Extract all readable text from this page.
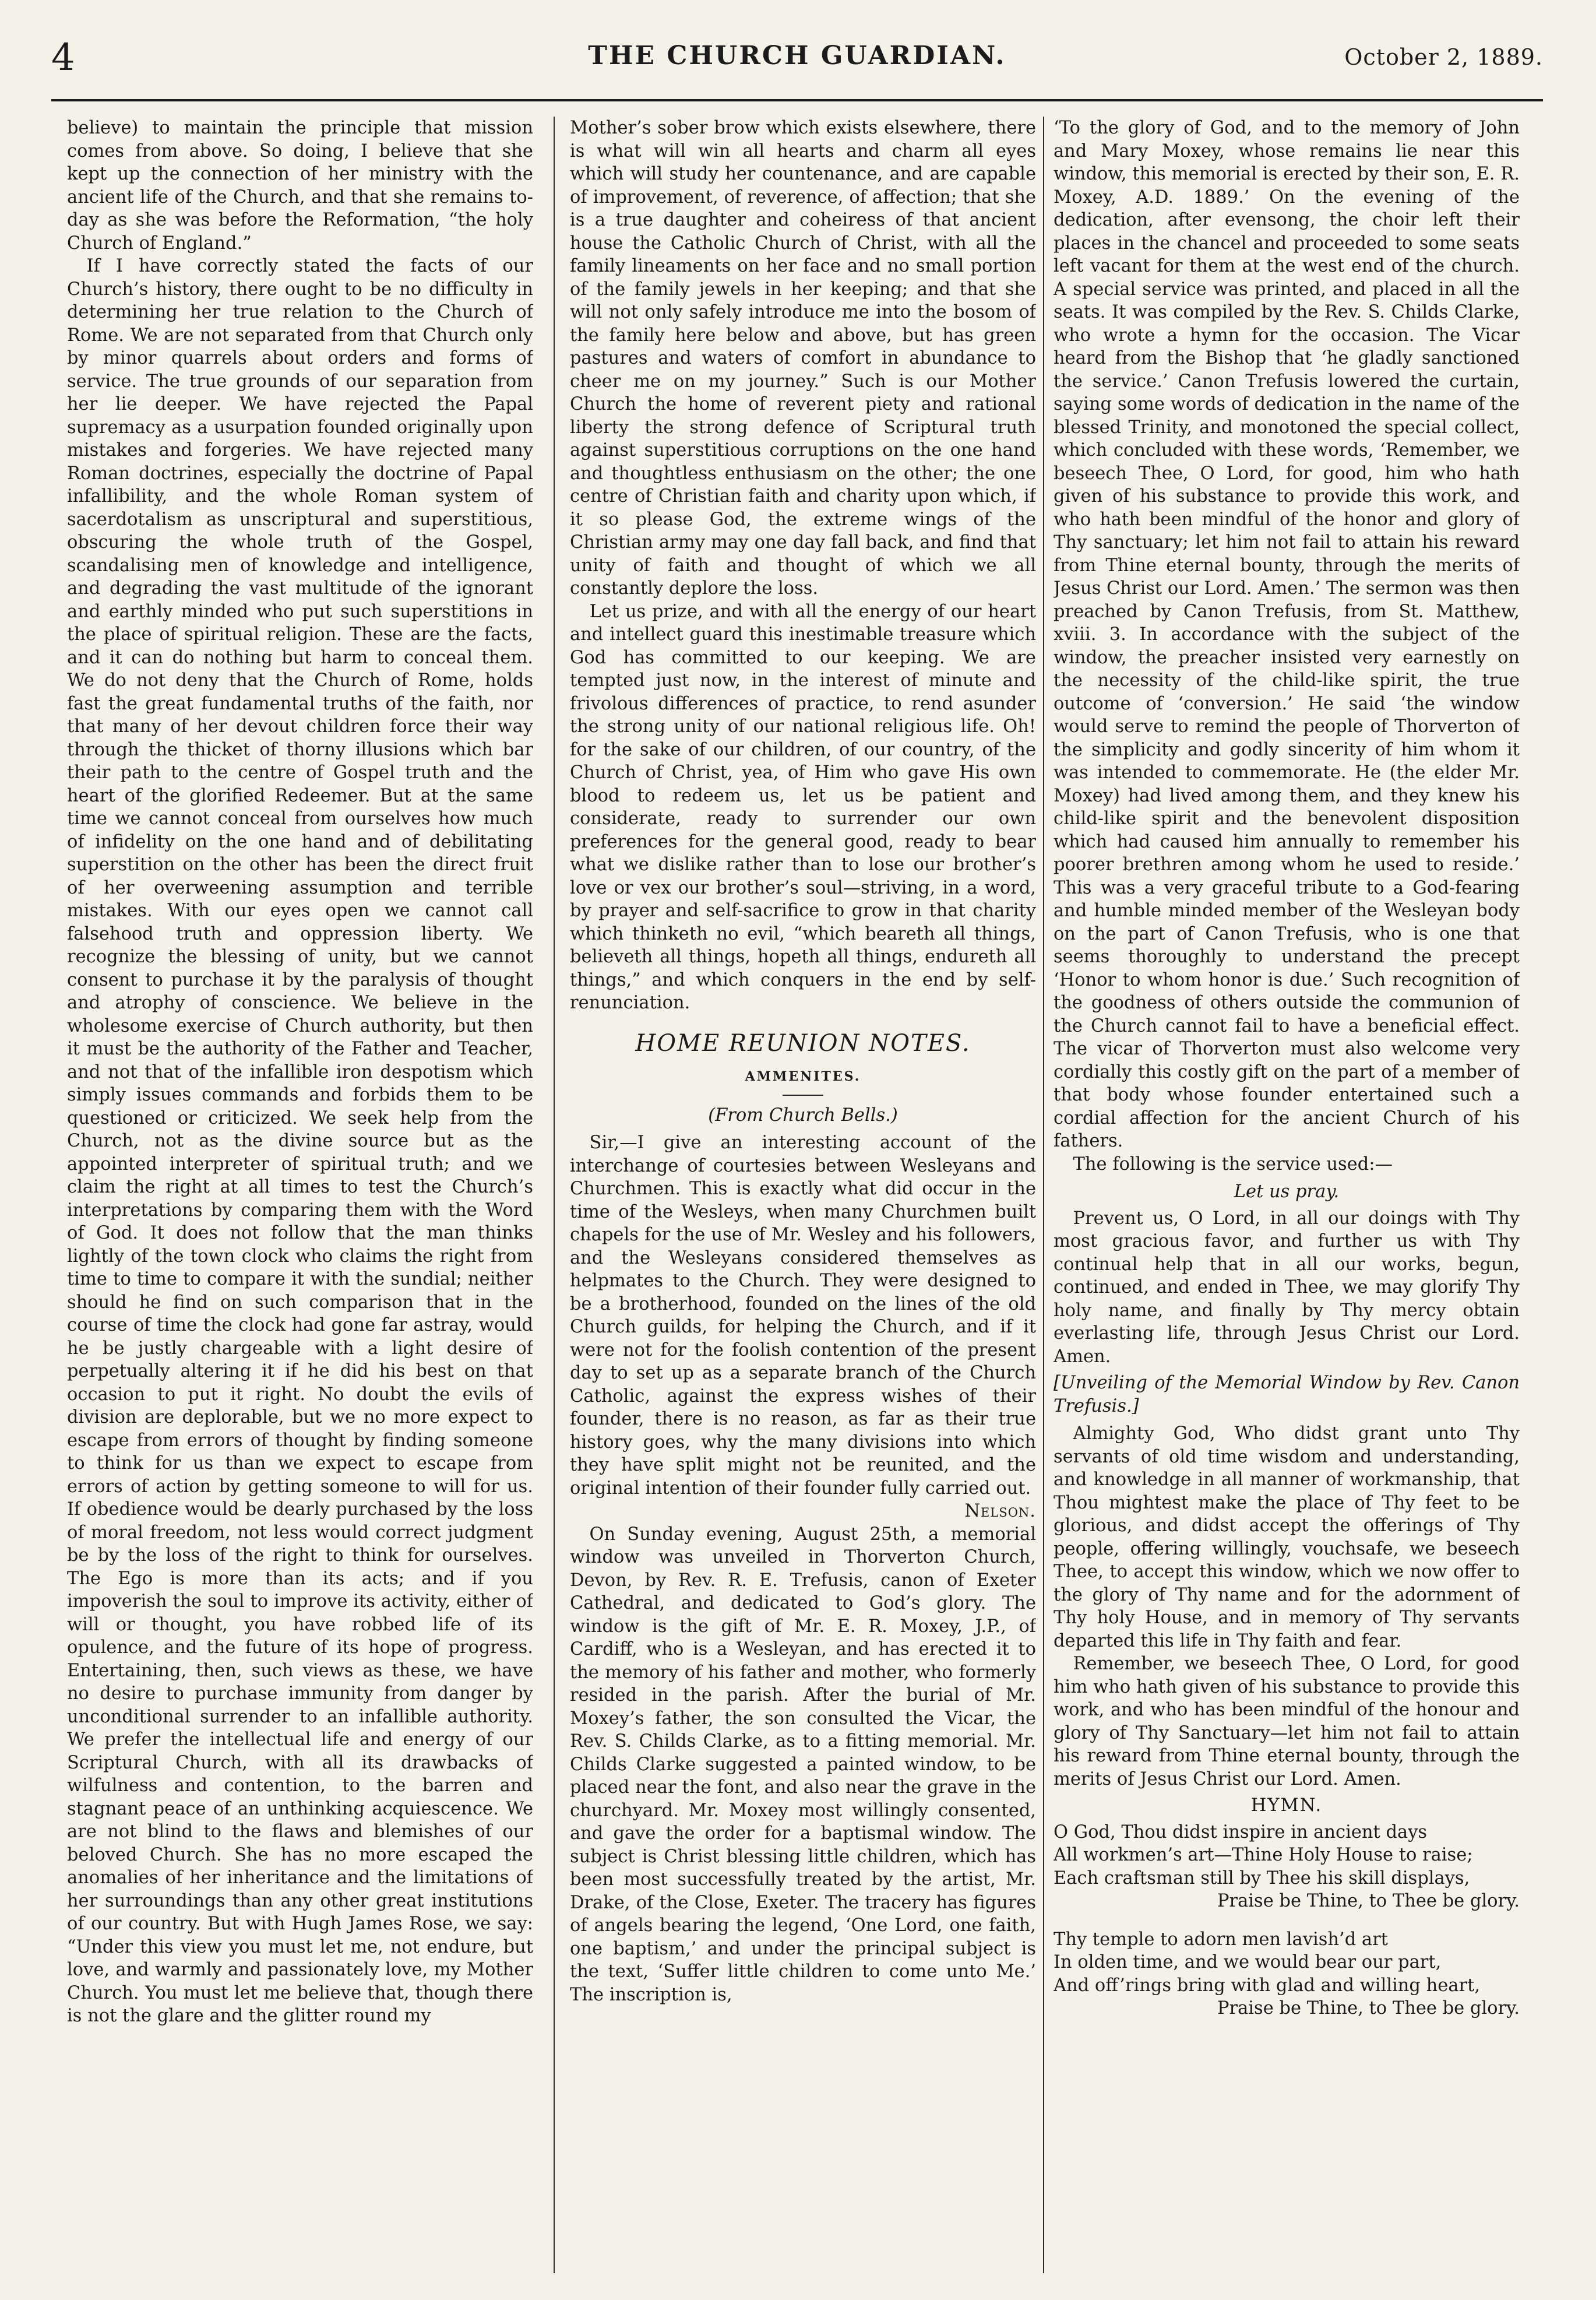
4	THE CHURCH GUARDIAN.	October 2, 1889.

believe) to maintain the principle that mission comes from above. So doing, I believe that she kept up the connection of her ministry with the ancient life of the Church, and that she remains to-day as she was before the Reformation, “the holy Church of England.”

If I have correctly stated the facts of our Church’s history, there ought to be no difficulty in determining her true relation to the Church of Rome. We are not separated from that Church only by minor quarrels about orders and forms of service. The true grounds of our separation from her lie deeper. We have rejected the Papal supremacy as a usurpation founded originally upon mistakes and forgeries. We have rejected many Roman doctrines, especially the doctrine of Papal infallibility, and the whole Roman system of sacerdotalism as unscriptural and superstitious, obscuring the whole truth of the Gospel, scandalising men of knowledge and intelligence, and degrading the vast multitude of the ignorant and earthly minded who put such superstitions in the place of spiritual religion. These are the facts, and it can do nothing but harm to conceal them. We do not deny that the Church of Rome, holds fast the great fundamental truths of the faith, nor that many of her devout children force their way through the thicket of thorny illusions which bar their path to the centre of Gospel truth and the heart of the glorified Redeemer. But at the same time we cannot conceal from ourselves how much of infidelity on the one hand and of debilitating superstition on the other has been the direct fruit of her overweening assumption and terrible mistakes. With our eyes open we cannot call falsehood truth and oppression liberty. We recognize the blessing of unity, but we cannot consent to purchase it by the paralysis of thought and atrophy of conscience. We believe in the wholesome exercise of Church authority, but then it must be the authority of the Father and Teacher, and not that of the infallible iron despotism which simply issues commands and forbids them to be questioned or criticized. We seek help from the Church, not as the divine source but as the appointed interpreter of spiritual truth; and we claim the right at all times to test the Church’s interpretations by comparing them with the Word of God. It does not follow that the man thinks lightly of the town clock who claims the right from time to time to compare it with the sundial; neither should he find on such comparison that in the course of time the clock had gone far astray, would he be justly chargeable with a light desire of perpetually altering it if he did his best on that occasion to put it right. No doubt the evils of division are deplorable, but we no more expect to escape from errors of thought by finding someone to think for us than we expect to escape from errors of action by getting someone to will for us. If obedience would be dearly purchased by the loss of moral freedom, not less would correct judgment be by the loss of the right to think for ourselves. The Ego is more than its acts; and if you impoverish the soul to improve its activity, either of will or thought, you have robbed life of its opulence, and the future of its hope of progress. Entertaining, then, such views as these, we have no desire to purchase immunity from danger by unconditional surrender to an infallible authority. We prefer the intellectual life and energy of our Scriptural Church, with all its drawbacks of wilfulness and contention, to the barren and stagnant peace of an unthinking acquiescence. We are not blind to the flaws and blemishes of our beloved Church. She has no more escaped the anomalies of her inheritance and the limitations of her surroundings than any other great institutions of our country. But with Hugh James Rose, we say: “Under this view you must let me, not endure, but love, and warmly and passionately love, my Mother Church. You must let me believe that, though there is not the glare and the glitter round my

Mother’s sober brow which exists elsewhere, there is what will win all hearts and charm all eyes which will study her countenance, and are capable of improvement, of reverence, of affection; that she is a true daughter and coheiress of that ancient house the Catholic Church of Christ, with all the family lineaments on her face and no small portion of the family jewels in her keeping; and that she will not only safely introduce me into the bosom of the family here below and above, but has green pastures and waters of comfort in abundance to cheer me on my journey.” Such is our Mother Church the home of reverent piety and rational liberty the strong defence of Scriptural truth against superstitious corruptions on the one hand and thoughtless enthusiasm on the other; the one centre of Christian faith and charity upon which, if it so please God, the extreme wings of the Christian army may one day fall back, and find that unity of faith and thought of which we all constantly deplore the loss.

Let us prize, and with all the energy of our heart and intellect guard this inestimable treasure which God has committed to our keeping. We are tempted just now, in the interest of minute and frivolous differences of practice, to rend asunder the strong unity of our national religious life. Oh! for the sake of our children, of our country, of the Church of Christ, yea, of Him who gave His own blood to redeem us, let us be patient and considerate, ready to surrender our own preferences for the general good, ready to bear what we dislike rather than to lose our brother’s love or vex our brother’s soul—striving, in a word, by prayer and self-sacrifice to grow in that charity which thinketh no evil, “which beareth all things, believeth all things, hopeth all things, endureth all things,” and which conquers in the end by self-renunciation.

HOME REUNION NOTES.
AMMENITES.
(From Church Bells.)

Sir,—I give an interesting account of the interchange of courtesies between Wesleyans and Churchmen. This is exactly what did occur in the time of the Wesleys, when many Churchmen built chapels for the use of Mr. Wesley and his followers, and the Wesleyans considered themselves as helpmates to the Church. They were designed to be a brotherhood, founded on the lines of the old Church guilds, for helping the Church, and if it were not for the foolish contention of the present day to set up as a separate branch of the Church Catholic, against the express wishes of their founder, there is no reason, as far as their true history goes, why the many divisions into which they have split might not be reunited, and the original intention of their founder fully carried out.

Nelson.

On Sunday evening, August 25th, a memorial window was unveiled in Thorverton Church, Devon, by Rev. R. E. Trefusis, canon of Exeter Cathedral, and dedicated to God’s glory. The window is the gift of Mr. E. R. Moxey, J.P., of Cardiff, who is a Wesleyan, and has erected it to the memory of his father and mother, who formerly resided in the parish. After the burial of Mr. Moxey’s father, the son consulted the Vicar, the Rev. S. Childs Clarke, as to a fitting memorial. Mr. Childs Clarke suggested a painted window, to be placed near the font, and also near the grave in the churchyard. Mr. Moxey most willingly consented, and gave the order for a baptismal window. The subject is Christ blessing little children, which has been most successfully treated by the artist, Mr. Drake, of the Close, Exeter. The tracery has figures of angels bearing the legend, ‘One Lord, one faith, one baptism,’ and under the principal subject is the text, ‘Suffer little children to come unto Me.’ The inscription is,

‘To the glory of God, and to the memory of John and Mary Moxey, whose remains lie near this window, this memorial is erected by their son, E. R. Moxey, A.D. 1889.’ On the evening of the dedication, after evensong, the choir left their places in the chancel and proceeded to some seats left vacant for them at the west end of the church. A special service was printed, and placed in all the seats. It was compiled by the Rev. S. Childs Clarke, who wrote a hymn for the occasion. The Vicar heard from the Bishop that ‘he gladly sanctioned the service.’ Canon Trefusis lowered the curtain, saying some words of dedication in the name of the blessed Trinity, and monotoned the special collect, which concluded with these words, ‘Remember, we beseech Thee, O Lord, for good, him who hath given of his substance to provide this work, and who hath been mindful of the honor and glory of Thy sanctuary; let him not fail to attain his reward from Thine eternal bounty, through the merits of Jesus Christ our Lord. Amen.’ The sermon was then preached by Canon Trefusis, from St. Matthew, xviii. 3. In accordance with the subject of the window, the preacher insisted very earnestly on the necessity of the child-like spirit, the true outcome of ‘conversion.’ He said ‘the window would serve to remind the people of Thorverton of the simplicity and godly sincerity of him whom it was intended to commemorate. He (the elder Mr. Moxey) had lived among them, and they knew his child-like spirit and the benevolent disposition which had caused him annually to remember his poorer brethren among whom he used to reside.’ This was a very graceful tribute to a God-fearing and humble minded member of the Wesleyan body on the part of Canon Trefusis, who is one that seems thoroughly to understand the precept ‘Honor to whom honor is due.’ Such recognition of the goodness of others outside the communion of the Church cannot fail to have a beneficial effect. The vicar of Thorverton must also welcome very cordially this costly gift on the part of a member of that body whose founder entertained such a cordial affection for the ancient Church of his fathers.

The following is the service used:—

Let us pray.

Prevent us, O Lord, in all our doings with Thy most gracious favor, and further us with Thy continual help that in all our works, begun, continued, and ended in Thee, we may glorify Thy holy name, and finally by Thy mercy obtain everlasting life, through Jesus Christ our Lord. Amen.

[Unveiling of the Memorial Window by Rev. Canon Trefusis.]

Almighty God, Who didst grant unto Thy servants of old time wisdom and understanding, and knowledge in all manner of workmanship, that Thou mightest make the place of Thy feet to be glorious, and didst accept the offerings of Thy people, offering willingly, vouchsafe, we beseech Thee, to accept this window, which we now offer to the glory of Thy name and for the adornment of Thy holy House, and in memory of Thy servants departed this life in Thy faith and fear.

Remember, we beseech Thee, O Lord, for good him who hath given of his substance to provide this work, and who has been mindful of the honour and glory of Thy Sanctuary—let him not fail to attain his reward from Thine eternal bounty, through the merits of Jesus Christ our Lord. Amen.

HYMN.
O God, Thou didst inspire in ancient days
All workmen’s art—Thine Holy House to raise;
Each craftsman still by Thee his skill displays,
Praise be Thine, to Thee be glory.
Thy temple to adorn men lavish’d art
In olden time, and we would bear our part,
And off’rings bring with glad and willing heart,
Praise be Thine, to Thee be glory.
